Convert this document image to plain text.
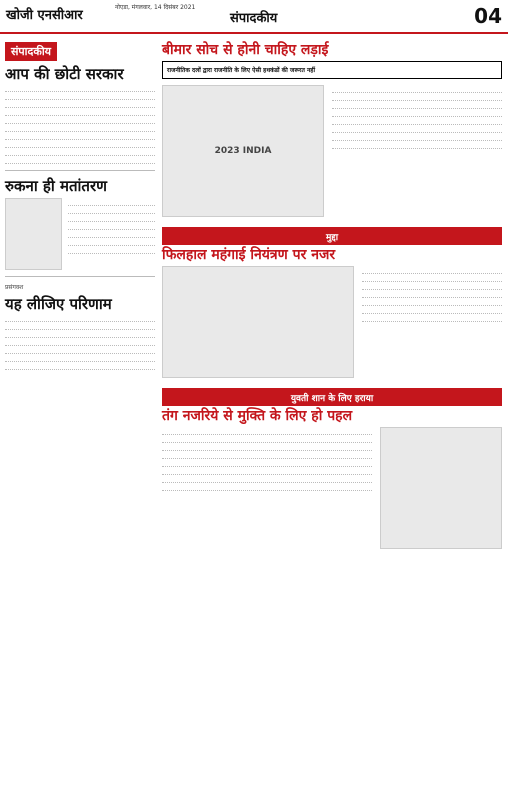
खोजी एनसीआर
नोएडा, मंगलवार, 14 दिसंबर 2021
संपादकीय	04
संपादकीय
आप की छोटी सरकार
रुकना ही मतांतरण
प्रसंगवश
यह लीजिए परिणाम
बीमार सोच से होनी चाहिए लड़ाई
राजनीतिक दलों द्वारा राजनीति के लिए ऐसी हथकंडों की जरूरत नहीं
2023 INDIA
मुद्दा
फिलहाल महंगाई नियंत्रण पर नजर
युवती शान के लिए हराया
तंग नजरिये से मुक्ति के लिए हो पहल
